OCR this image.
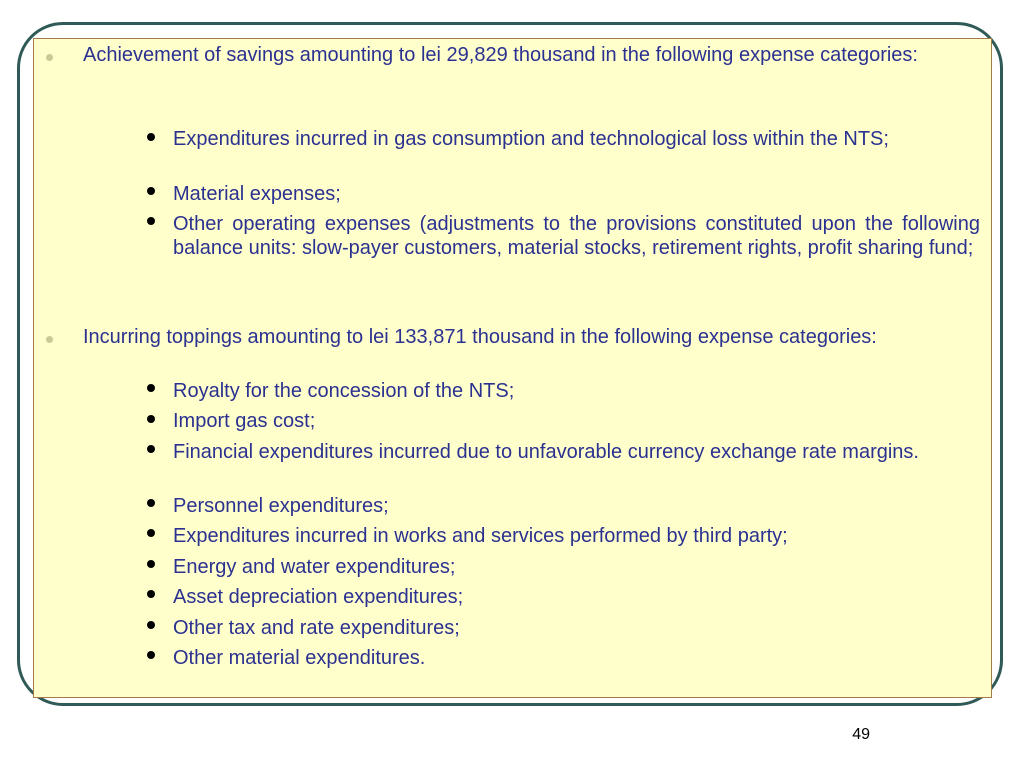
Achievement of savings amounting to lei 29,829 thousand in the following expense categories:
Expenditures incurred in gas consumption and technological loss within the NTS;
Material expenses;
Other operating expenses (adjustments to the provisions constituted upon the following balance units: slow-payer customers, material stocks, retirement rights, profit sharing fund;
Incurring toppings amounting to lei 133,871 thousand in the following expense categories:
Royalty for the concession of the NTS;
Import gas cost;
Financial expenditures incurred due to unfavorable currency exchange rate margins.
Personnel expenditures;
Expenditures incurred in works and services performed by third party;
Energy and water expenditures;
Asset depreciation expenditures;
Other tax and rate expenditures;
Other material expenditures.
49
